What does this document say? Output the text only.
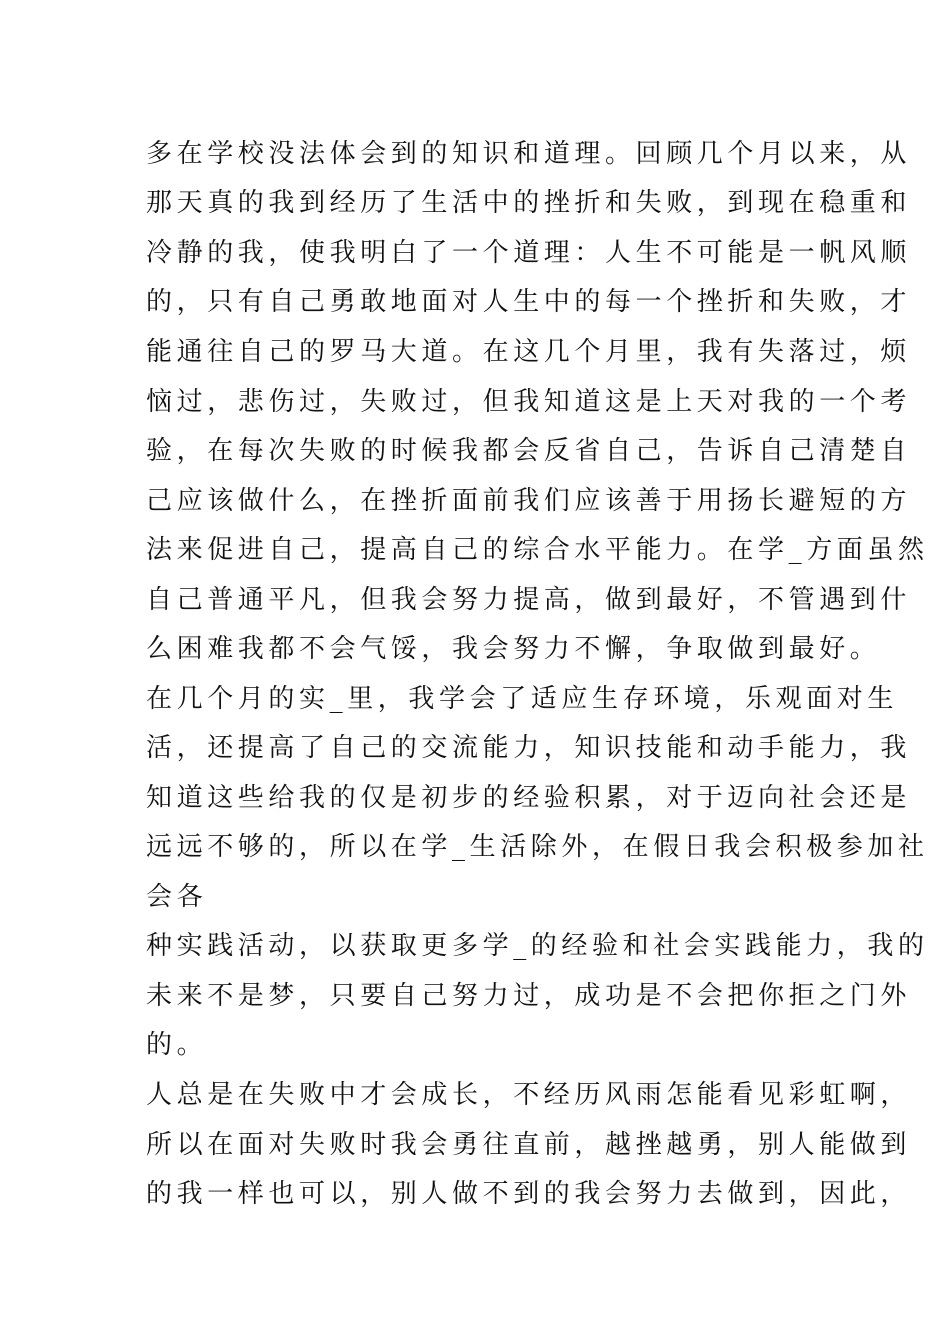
多在学校没法体会到的知识和道理。回顾几个月以来，从
那天真的我到经历了生活中的挫折和失败，到现在稳重和
冷静的我，使我明白了一个道理：人生不可能是一帆风顺
的，只有自己勇敢地面对人生中的每一个挫折和失败，才
能通往自己的罗马大道。在这几个月里，我有失落过，烦
恼过，悲伤过，失败过，但我知道这是上天对我的一个考
验，在每次失败的时候我都会反省自己，告诉自己清楚自
己应该做什么，在挫折面前我们应该善于用扬长避短的方
法来促进自己，提高自己的综合水平能力。在学_方面虽然
自己普通平凡，但我会努力提高，做到最好，不管遇到什
么困难我都不会气馁，我会努力不懈，争取做到最好。
在几个月的实_里，我学会了适应生存环境，乐观面对生
活，还提高了自己的交流能力，知识技能和动手能力，我
知道这些给我的仅是初步的经验积累，对于迈向社会还是
远远不够的，所以在学_生活除外，在假日我会积极参加社
会各
种实践活动，以获取更多学_的经验和社会实践能力，我的
未来不是梦，只要自己努力过，成功是不会把你拒之门外
的。
人总是在失败中才会成长，不经历风雨怎能看见彩虹啊，
所以在面对失败时我会勇往直前，越挫越勇，别人能做到
的我一样也可以，别人做不到的我会努力去做到，因此，
